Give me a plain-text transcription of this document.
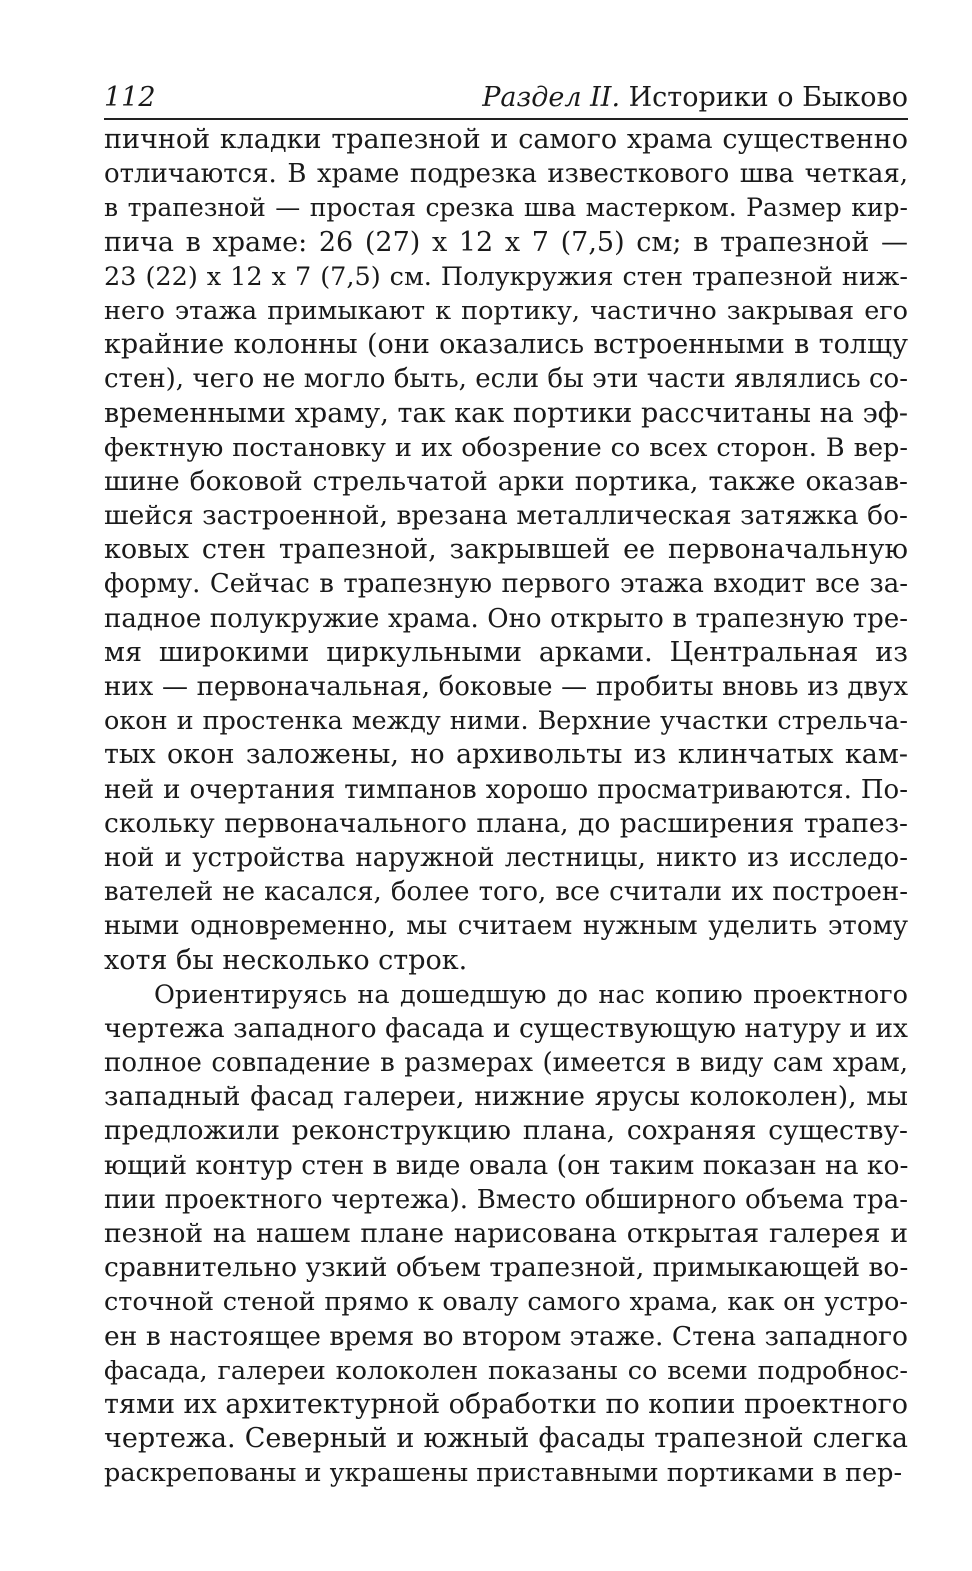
112	Раздел II. Историки о Быково

пичной кладки трапезной и самого храма существенно
отличаются. В храме подрезка известкового шва четкая,
в трапезной — простая срезка шва мастерком. Размер кир-
пича в храме: 26 (27) х 12 х 7 (7,5) см; в трапезной —
23 (22) х 12 х 7 (7,5) см. Полукружия стен трапезной ниж-
него этажа примыкают к портику, частично закрывая его
крайние колонны (они оказались встроенными в толщу
стен), чего не могло быть, если бы эти части являлись со-
временными храму, так как портики рассчитаны на эф-
фектную постановку и их обозрение со всех сторон. В вер-
шине боковой стрельчатой арки портика, также оказав-
шейся застроенной, врезана металлическая затяжка бо-
ковых стен трапезной, закрывшей ее первоначальную
форму. Сейчас в трапезную первого этажа входит все за-
падное полукружие храма. Оно открыто в трапезную тре-
мя широкими циркульными арками. Центральная из
них — первоначальная, боковые — пробиты вновь из двух
окон и простенка между ними. Верхние участки стрельча-
тых окон заложены, но архивольты из клинчатых кам-
ней и очертания тимпанов хорошо просматриваются. По-
скольку первоначального плана, до расширения трапез-
ной и устройства наружной лестницы, никто из исследо-
вателей не касался, более того, все считали их построен-
ными одновременно, мы считаем нужным уделить этому
хотя бы несколько строк.

Ориентируясь на дошедшую до нас копию проектного
чертежа западного фасада и существующую натуру и их
полное совпадение в размерах (имеется в виду сам храм,
западный фасад галереи, нижние ярусы колоколен), мы
предложили реконструкцию плана, сохраняя существу-
ющий контур стен в виде овала (он таким показан на ко-
пии проектного чертежа). Вместо обширного объема тра-
пезной на нашем плане нарисована открытая галерея и
сравнительно узкий объем трапезной, примыкающей во-
сточной стеной прямо к овалу самого храма, как он устро-
ен в настоящее время во втором этаже. Стена западного
фасада, галереи колоколен показаны со всеми подробнос-
тями их архитектурной обработки по копии проектного
чертежа. Северный и южный фасады трапезной слегка
раскрепованы и украшены приставными портиками в пер-
